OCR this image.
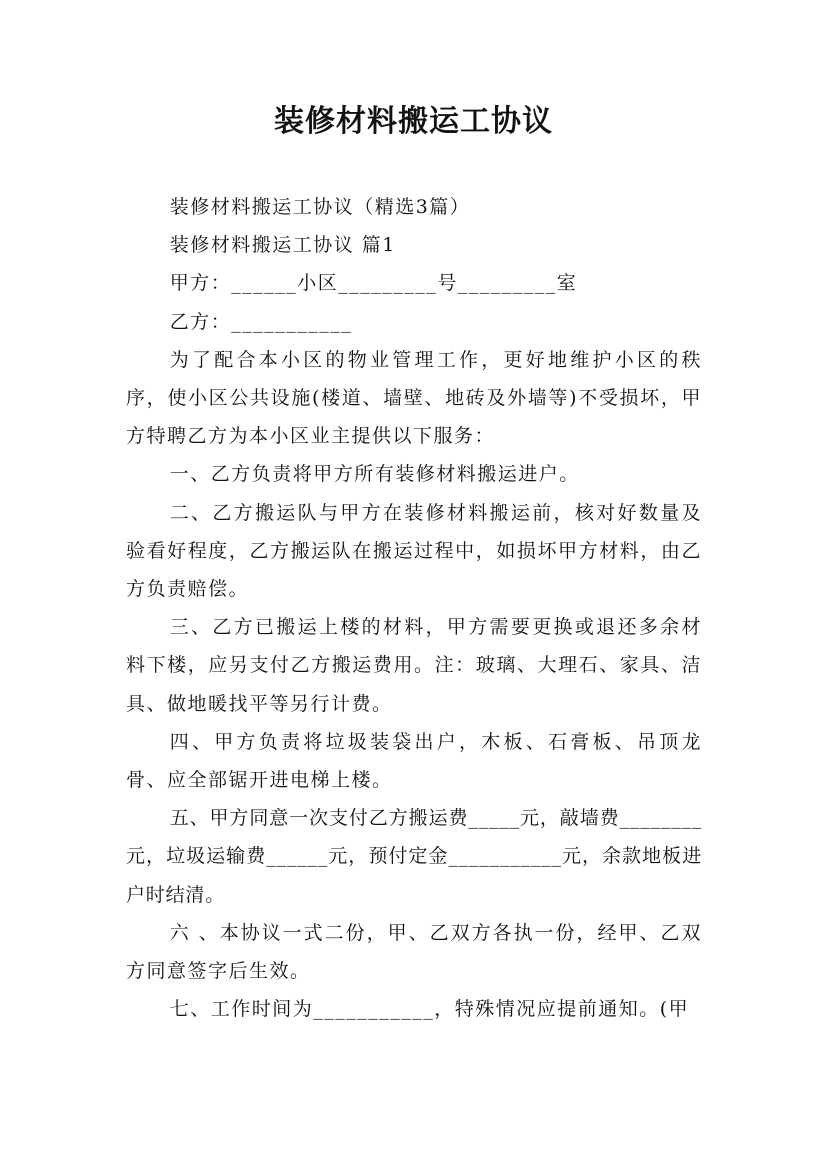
装修材料搬运工协议

装修材料搬运工协议（精选3篇）

装修材料搬运工协议 篇1

甲方：______小区_________号_________室

乙方：___________

为了配合本小区的物业管理工作，更好地维护小区的秩序，使小区公共设施(楼道、墙壁、地砖及外墙等)不受损坏，甲方特聘乙方为本小区业主提供以下服务：

一、乙方负责将甲方所有装修材料搬运进户。

二、乙方搬运队与甲方在装修材料搬运前，核对好数量及验看好程度，乙方搬运队在搬运过程中，如损坏甲方材料，由乙方负责赔偿。

三、乙方已搬运上楼的材料，甲方需要更换或退还多余材料下楼，应另支付乙方搬运费用。注：玻璃、大理石、家具、洁具、做地暖找平等另行计费。

四、甲方负责将垃圾装袋出户，木板、石膏板、吊顶龙骨、应全部锯开进电梯上楼。

五、甲方同意一次支付乙方搬运费_____元，敲墙费________元，垃圾运输费______元，预付定金___________元，余款地板进户时结清。

六 、本协议一式二份，甲、乙双方各执一份，经甲、乙双方同意签字后生效。

七、工作时间为___________，特殊情况应提前通知。(甲
